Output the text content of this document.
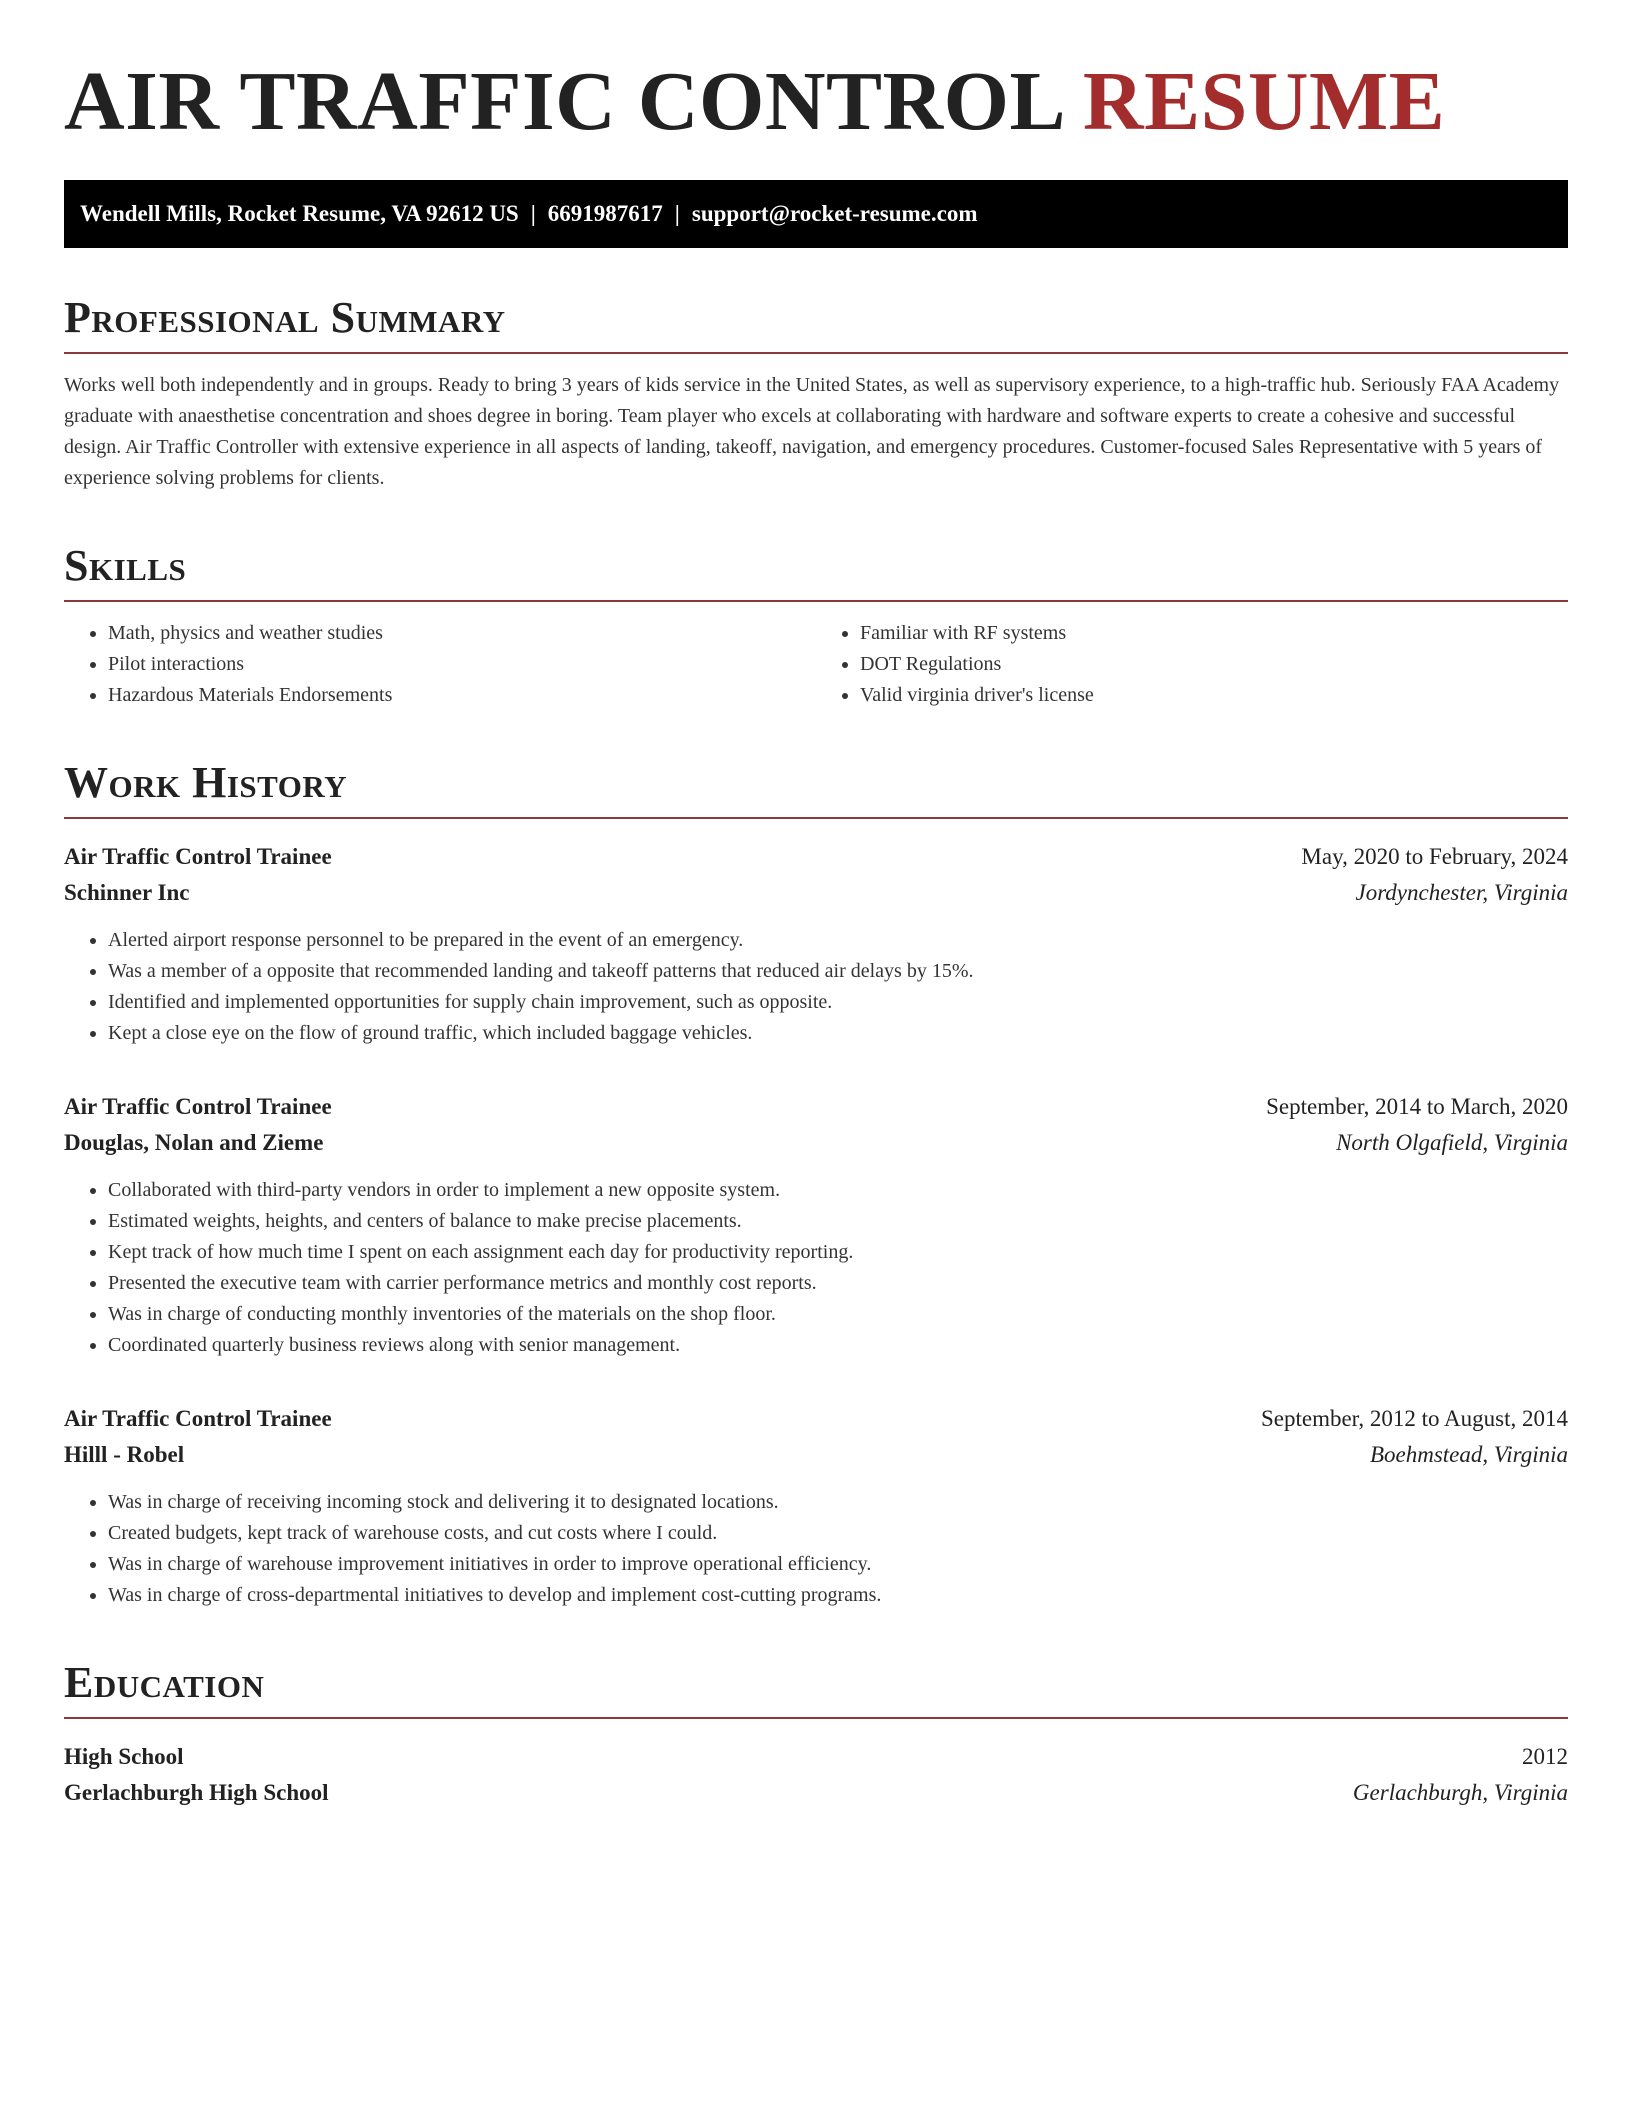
AIR TRAFFIC CONTROL RESUME
Wendell Mills, Rocket Resume, VA 92612 US | 6691987617 | support@rocket-resume.com
Professional Summary

Works well both independently and in groups. Ready to bring 3 years of kids service in the United States, as well as supervisory experience, to a high-traffic hub. Seriously FAA Academy graduate with anaesthetise concentration and shoes degree in boring. Team player who excels at collaborating with hardware and software experts to create a cohesive and successful design. Air Traffic Controller with extensive experience in all aspects of landing, takeoff, navigation, and emergency procedures. Customer-focused Sales Representative with 5 years of experience solving problems for clients.

Skills
• Math, physics and weather studies
• Pilot interactions
• Hazardous Materials Endorsements
• Familiar with RF systems
• DOT Regulations
• Valid virginia driver's license
Work History
Air Traffic Control Trainee	May, 2020 to February, 2024
Schinner Inc	Jordynchester, Virginia
• Alerted airport response personnel to be prepared in the event of an emergency.
• Was a member of a opposite that recommended landing and takeoff patterns that reduced air delays by 15%.
• Identified and implemented opportunities for supply chain improvement, such as opposite.
• Kept a close eye on the flow of ground traffic, which included baggage vehicles.
Air Traffic Control Trainee	September, 2014 to March, 2020
Douglas, Nolan and Zieme	North Olgafield, Virginia
• Collaborated with third-party vendors in order to implement a new opposite system.
• Estimated weights, heights, and centers of balance to make precise placements.
• Kept track of how much time I spent on each assignment each day for productivity reporting.
• Presented the executive team with carrier performance metrics and monthly cost reports.
• Was in charge of conducting monthly inventories of the materials on the shop floor.
• Coordinated quarterly business reviews along with senior management.
Air Traffic Control Trainee	September, 2012 to August, 2014
Hilll - Robel	Boehmstead, Virginia
• Was in charge of receiving incoming stock and delivering it to designated locations.
• Created budgets, kept track of warehouse costs, and cut costs where I could.
• Was in charge of warehouse improvement initiatives in order to improve operational efficiency.
• Was in charge of cross-departmental initiatives to develop and implement cost-cutting programs.
Education
High School	2012
Gerlachburgh High School	Gerlachburgh, Virginia
